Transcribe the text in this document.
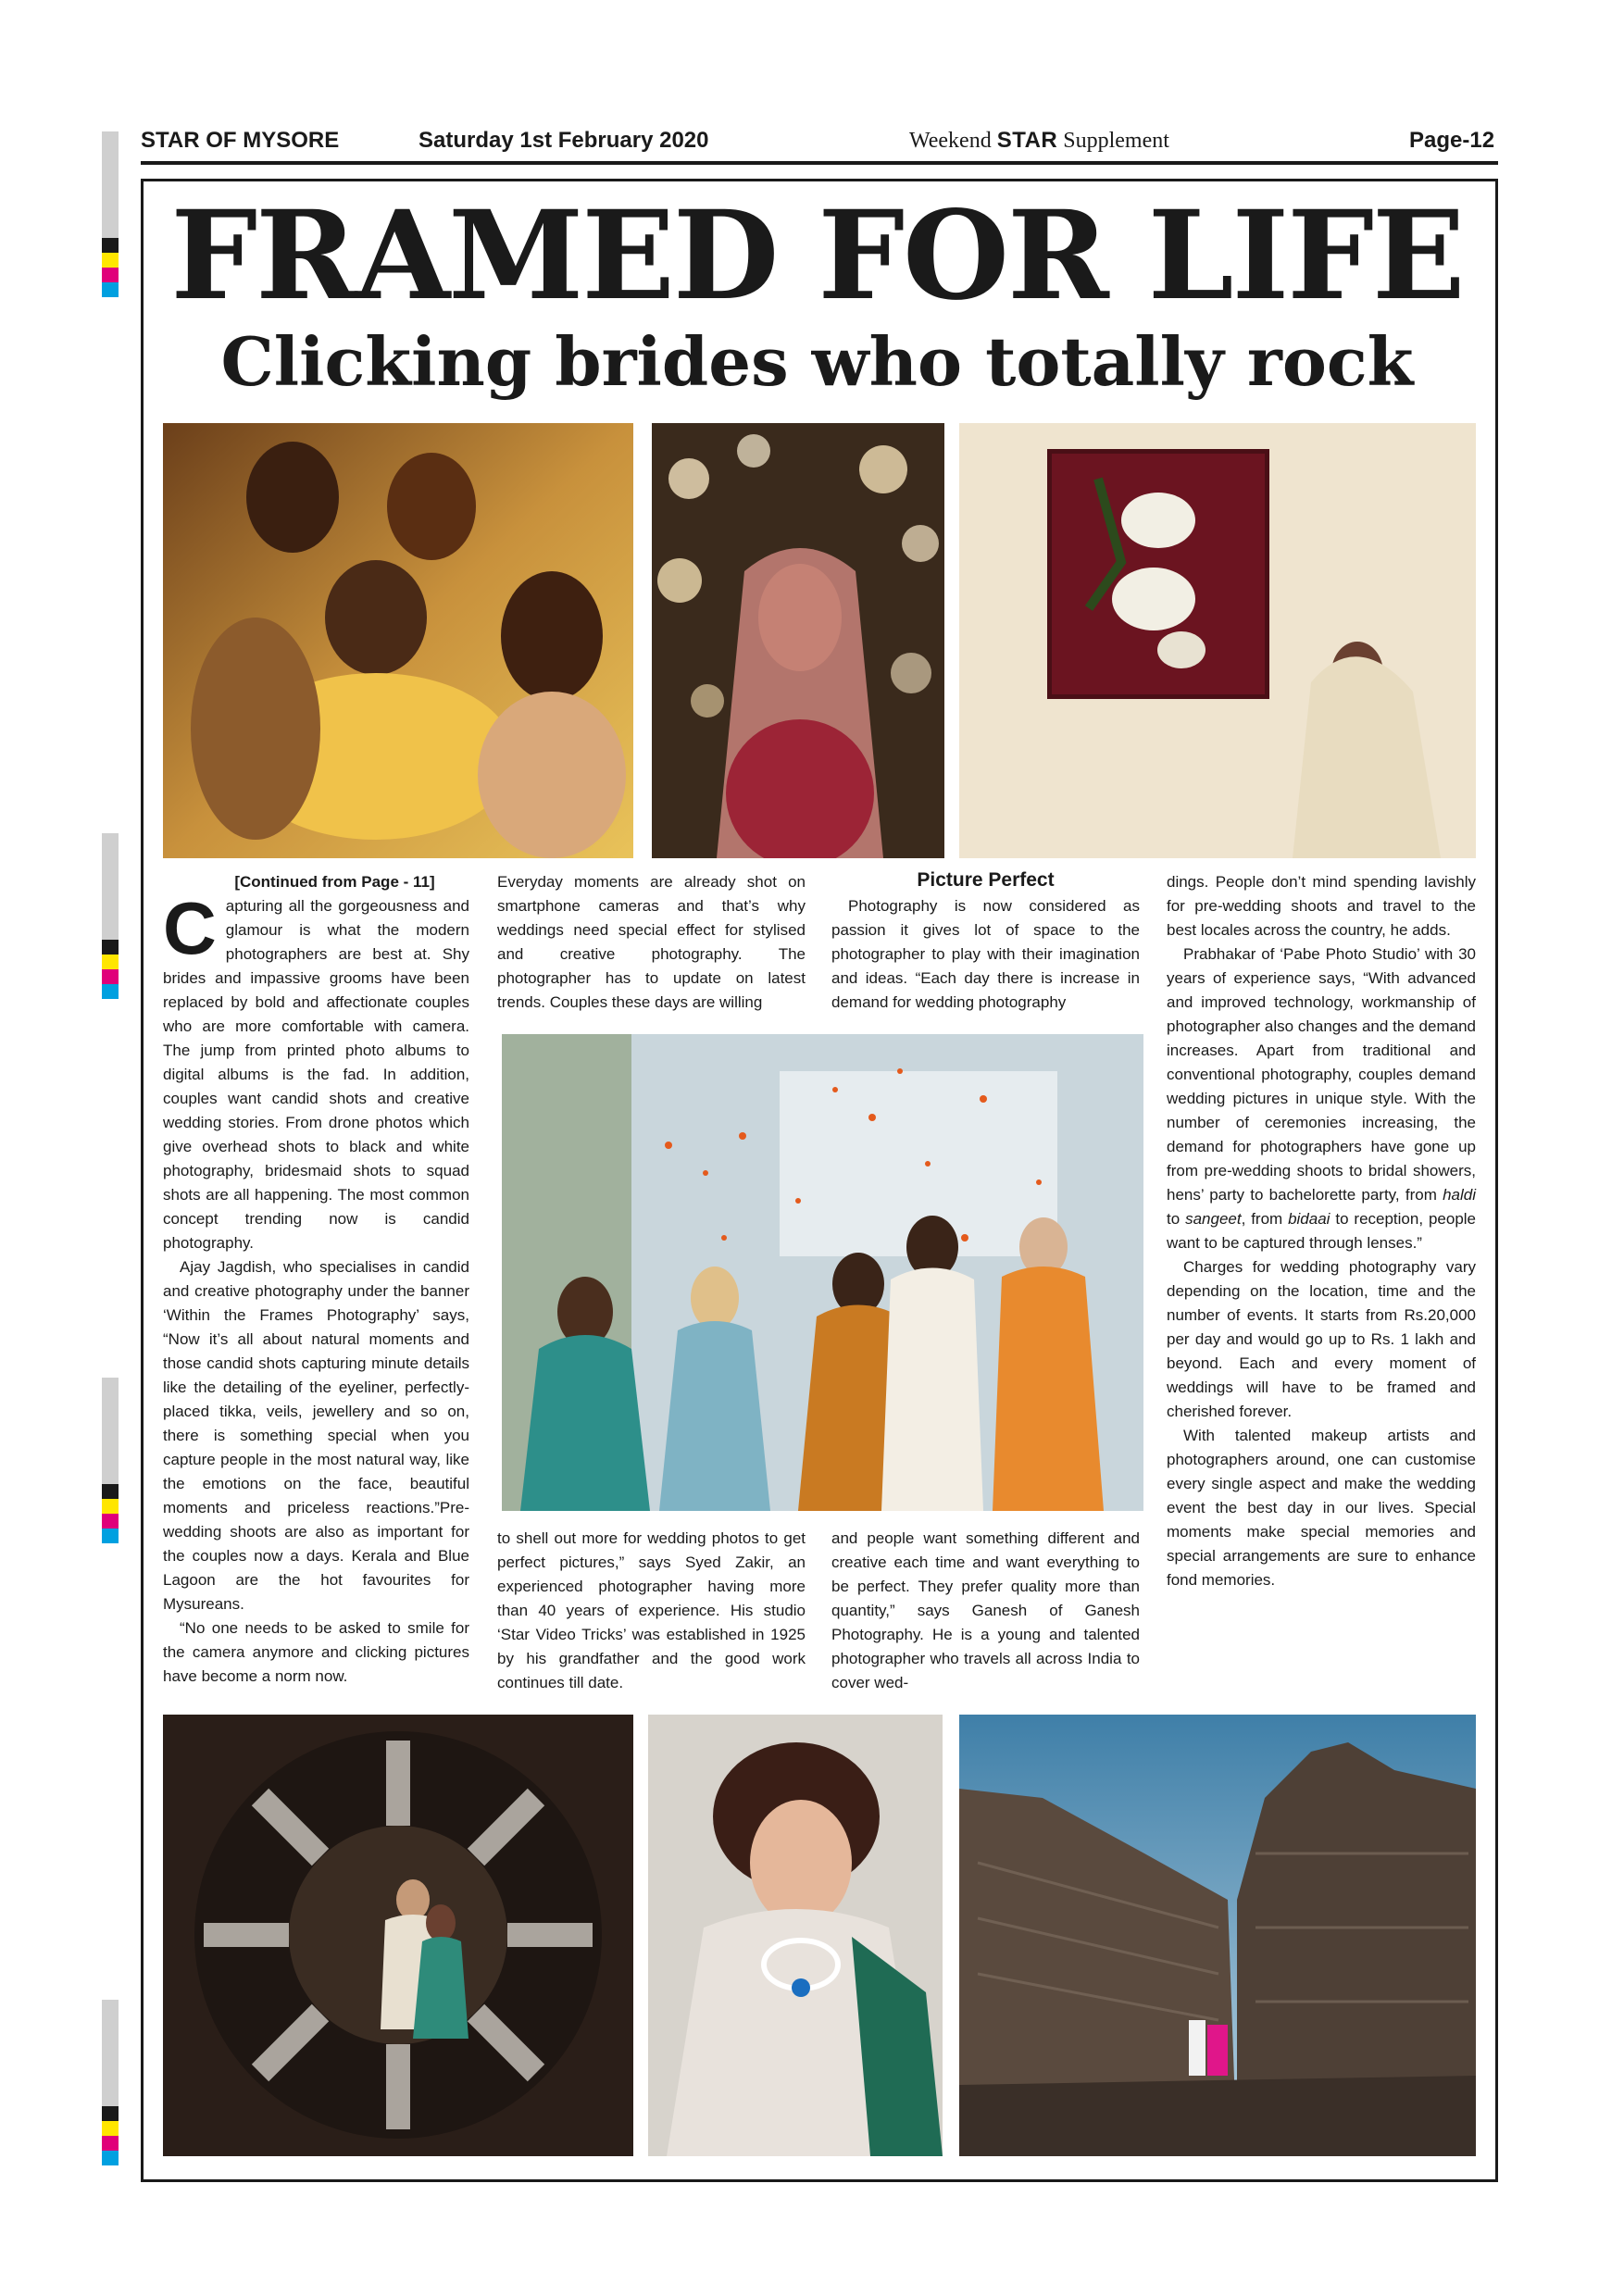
STAR OF MYSORE	Saturday 1st February 2020	Weekend STAR Supplement	Page-12
FRAMED FOR LIFE
Clicking brides who totally rock

[Continued from Page - 11]

Capturing all the gorgeousness and glamour is what the modern photographers are best at. Shy brides and impassive grooms have been replaced by bold and affectionate couples who are more comfortable with camera. The jump from printed photo albums to digital albums is the fad. In addition, couples want candid shots and creative wedding stories. From drone photos which give overhead shots to black and white photography, bridesmaid shots to squad shots are all happening. The most common concept trending now is candid photography.

Ajay Jagdish, who specialises in candid and creative photography under the banner ‘Within the Frames Photography’ says, “Now it’s all about natural moments and those candid shots capturing minute details like the detailing of the eyeliner, perfectly-placed tikka, veils, jewellery and so on, there is something special when you capture people in the most natural way, like the emotions on the face, beautiful moments and priceless reactions.”Pre-wedding shoots are also as important for the couples now a days. Kerala and Blue Lagoon are the hot favourites for Mysureans.

“No one needs to be asked to smile for the camera anymore and clicking pictures have become a norm now.

Everyday moments are already shot on smartphone cameras and that’s why weddings need special effect for stylised and creative photography. The photographer has to update on latest trends. Couples these days are willing

to shell out more for wedding photos to get perfect pictures,” says Syed Zakir, an experienced photographer having more than 40 years of experience. His studio ‘Star Video Tricks’ was established in 1925 by his grandfather and the good work continues till date.

Picture Perfect

Photography is now considered as passion it gives lot of space to the photographer to play with their imagination and ideas. “Each day there is increase in demand for wedding photography

and people want something different and creative each time and want everything to be perfect. They prefer quality more than quantity,” says Ganesh of Ganesh Photography. He is a young and talented photographer who travels all across India to cover wed-

dings. People don’t mind spending lavishly for pre-wedding shoots and travel to the best locales across the country, he adds.

Prabhakar of ‘Pabe Photo Studio’ with 30 years of experience says, “With advanced and improved technology, workmanship of photographer also changes and the demand increases. Apart from traditional and conventional photography, couples demand wedding pictures in unique style. With the number of ceremonies increasing, the demand for photographers have gone up from pre-wedding shoots to bridal showers, hens’ party to bachelorette party, from haldi to sangeet, from bidaai to reception, people want to be captured through lenses.”

Charges for wedding photography vary depending on the location, time and the number of events. It starts from Rs.20,000 per day and would go up to Rs. 1 lakh and beyond. Each and every moment of weddings will have to be framed and cherished forever.

With talented makeup artists and photographers around, one can customise every single aspect and make the wedding event the best day in our lives. Special moments make special memories and special arrangements are sure to enhance fond memories.
